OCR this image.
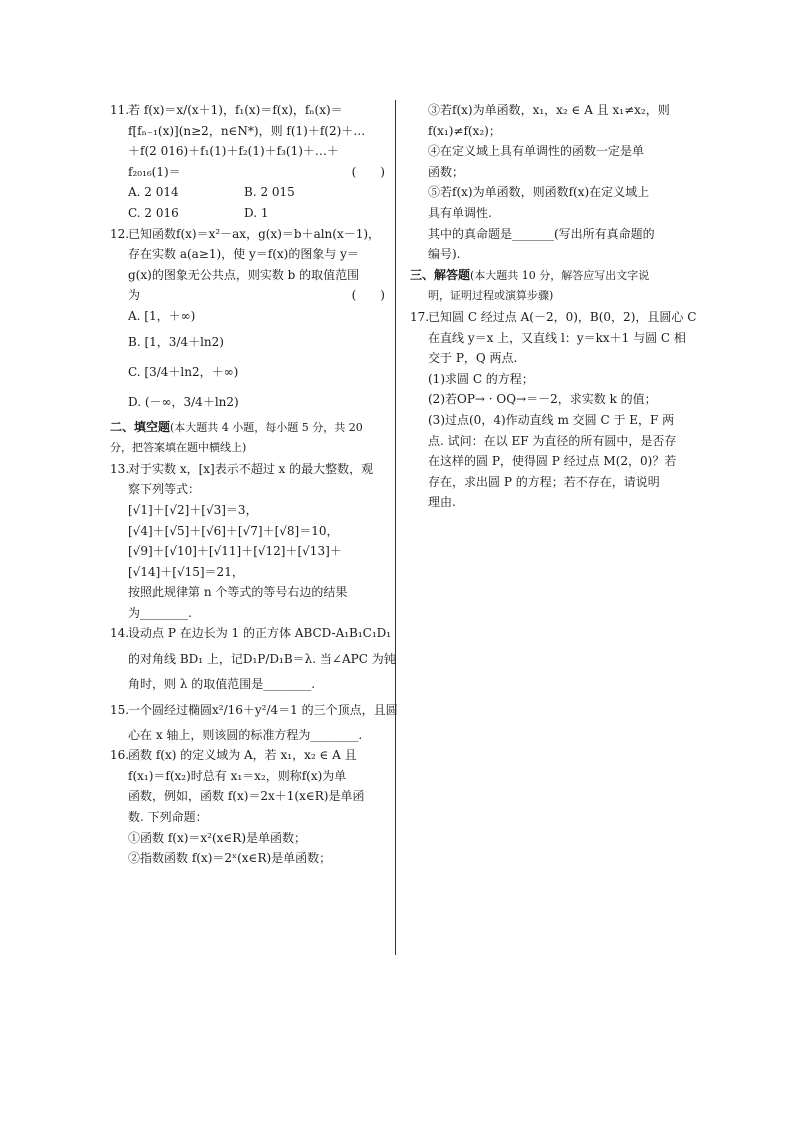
11.若 f(x)＝x/(x＋1)，f₁(x)＝f(x)，fₙ(x)＝
f[fₙ₋₁(x)](n≥2，n∈N*)，则 f(1)＋f(2)＋…
＋f(2 016)＋f₁(1)＋f₂(1)＋f₃(1)＋…＋
f₂₀₁₆(1)＝	(　　)
A. 2 014	B. 2 015
C. 2 016	D. 1
12.已知函数f(x)＝x²－ax，g(x)＝b＋aln(x－1)，
存在实数 a(a≥1)，使 y＝f(x)的图象与 y＝
g(x)的图象无公共点，则实数 b 的取值范围
为	(　　)
A. [1，＋∞)
B. [1，3/4＋ln2)
C. [3/4＋ln2，＋∞)
D. (－∞，3/4＋ln2)
二、填空题(本大题共 4 小题，每小题 5 分，共 20
分，把答案填在题中横线上)
13.对于实数 x，[x]表示不超过 x 的最大整数，观
察下列等式：
[√1]＋[√2]＋[√3]＝3，
[√4]＋[√5]＋[√6]＋[√7]＋[√8]＝10，
[√9]＋[√10]＋[√11]＋[√12]＋[√13]＋
[√14]＋[√15]＝21，
按照此规律第 n 个等式的等号右边的结果
为________.
14.设动点 P 在边长为 1 的正方体 ABCD-A₁B₁C₁D₁
的对角线 BD₁ 上，记D₁P/D₁B＝λ. 当∠APC 为钝
角时，则 λ 的取值范围是________.
15.一个圆经过椭圆x²/16＋y²/4＝1 的三个顶点，且圆
心在 x 轴上，则该圆的标准方程为________.
16.函数 f(x) 的定义域为 A，若 x₁，x₂ ∈ A 且
f(x₁)＝f(x₂)时总有 x₁＝x₂，则称f(x)为单
函数，例如，函数 f(x)＝2x＋1(x∈R)是单函
数. 下列命题：
①函数 f(x)＝x²(x∈R)是单函数；
②指数函数 f(x)＝2ˣ(x∈R)是单函数；
③若f(x)为单函数，x₁，x₂ ∈ A 且 x₁≠x₂，则
f(x₁)≠f(x₂)；
④在定义域上具有单调性的函数一定是单
函数；
⑤若f(x)为单函数，则函数f(x)在定义域上
具有单调性.
其中的真命题是_______(写出所有真命题的
编号).
三、解答题(本大题共 10 分，解答应写出文字说
明，证明过程或演算步骤)
17.已知圆 C 经过点 A(－2，0)，B(0，2)，且圆心 C
在直线 y＝x 上，又直线 l：y＝kx＋1 与圆 C 相
交于 P，Q 两点.
(1)求圆 C 的方程；
(2)若OP→ · OQ→＝－2，求实数 k 的值；
(3)过点(0，4)作动直线 m 交圆 C 于 E，F 两
点. 试问：在以 EF 为直径的所有圆中，是否存
在这样的圆 P，使得圆 P 经过点 M(2，0)？若
存在，求出圆 P 的方程；若不存在，请说明
理由.
